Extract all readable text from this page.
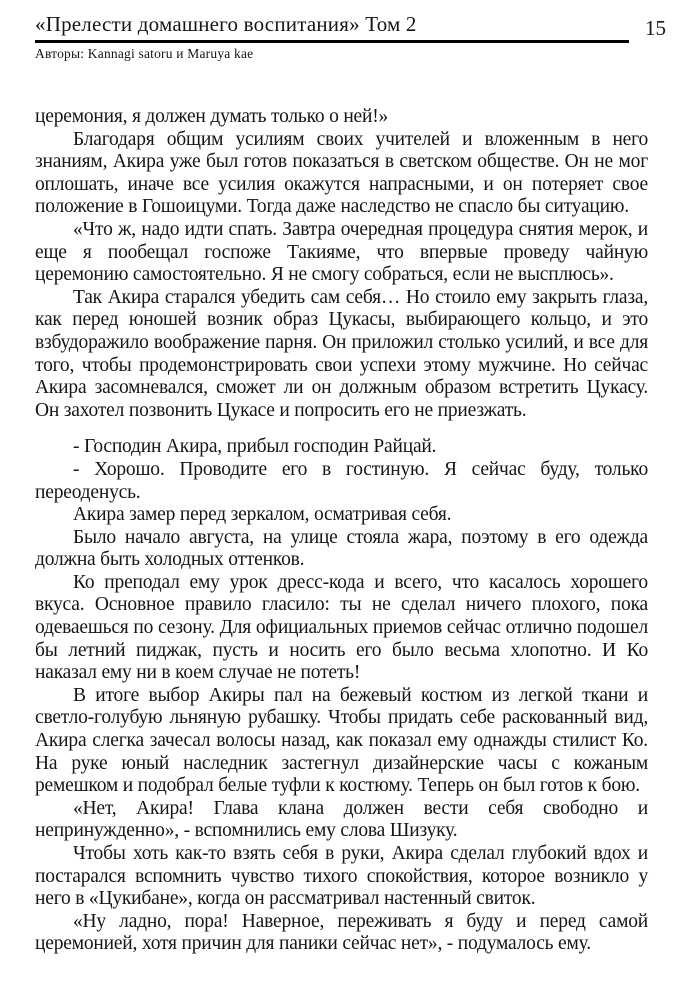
«Прелести домашнего воспитания» Том 2	15
Авторы: Kannagi satoru и Maruya kae

церемония, я должен думать только о ней!»

Благодаря общим усилиям своих учителей и вложенным в него знаниям, Акира уже был готов показаться в светском обществе. Он не мог оплошать, иначе все усилия окажутся напрасными, и он потеряет свое положение в Гошоицуми. Тогда даже наследство не спасло бы ситуацию.

«Что ж, надо идти спать. Завтра очередная процедура снятия мерок, и еще я пообещал госпоже Такияме, что впервые проведу чайную церемонию самостоятельно. Я не смогу собраться, если не высплюсь».

Так Акира старался убедить сам себя… Но стоило ему закрыть глаза, как перед юношей возник образ Цукасы, выбирающего кольцо, и это взбудоражило воображение парня. Он приложил столько усилий, и все для того, чтобы продемонстрировать свои успехи этому мужчине. Но сейчас Акира засомневался, сможет ли он должным образом встретить Цукасу. Он захотел позвонить Цукасе и попросить его не приезжать.

- Господин Акира, прибыл господин Райцай.

- Хорошо. Проводите его в гостиную. Я сейчас буду, только переоденусь.

Акира замер перед зеркалом, осматривая себя.

Было начало августа, на улице стояла жара, поэтому в его одежда должна быть холодных оттенков.

Ко преподал ему урок дресс-кода и всего, что касалось хорошего вкуса. Основное правило гласило: ты не сделал ничего плохого, пока одеваешься по сезону. Для официальных приемов сейчас отлично подошел бы летний пиджак, пусть и носить его было весьма хлопотно. И Ко наказал ему ни в коем случае не потеть!

В итоге выбор Акиры пал на бежевый костюм из легкой ткани и светло-голубую льняную рубашку. Чтобы придать себе раскованный вид, Акира слегка зачесал волосы назад, как показал ему однажды стилист Ко. На руке юный наследник застегнул дизайнерские часы с кожаным ремешком и подобрал белые туфли к костюму. Теперь он был готов к бою.

«Нет, Акира! Глава клана должен вести себя свободно и непринужденно», - вспомнились ему слова Шизуку.

Чтобы хоть как-то взять себя в руки, Акира сделал глубокий вдох и постарался вспомнить чувство тихого спокойствия, которое возникло у него в «Цукибане», когда он рассматривал настенный свиток.

«Ну ладно, пора! Наверное, переживать я буду и перед самой церемонией, хотя причин для паники сейчас нет», - подумалось ему.
